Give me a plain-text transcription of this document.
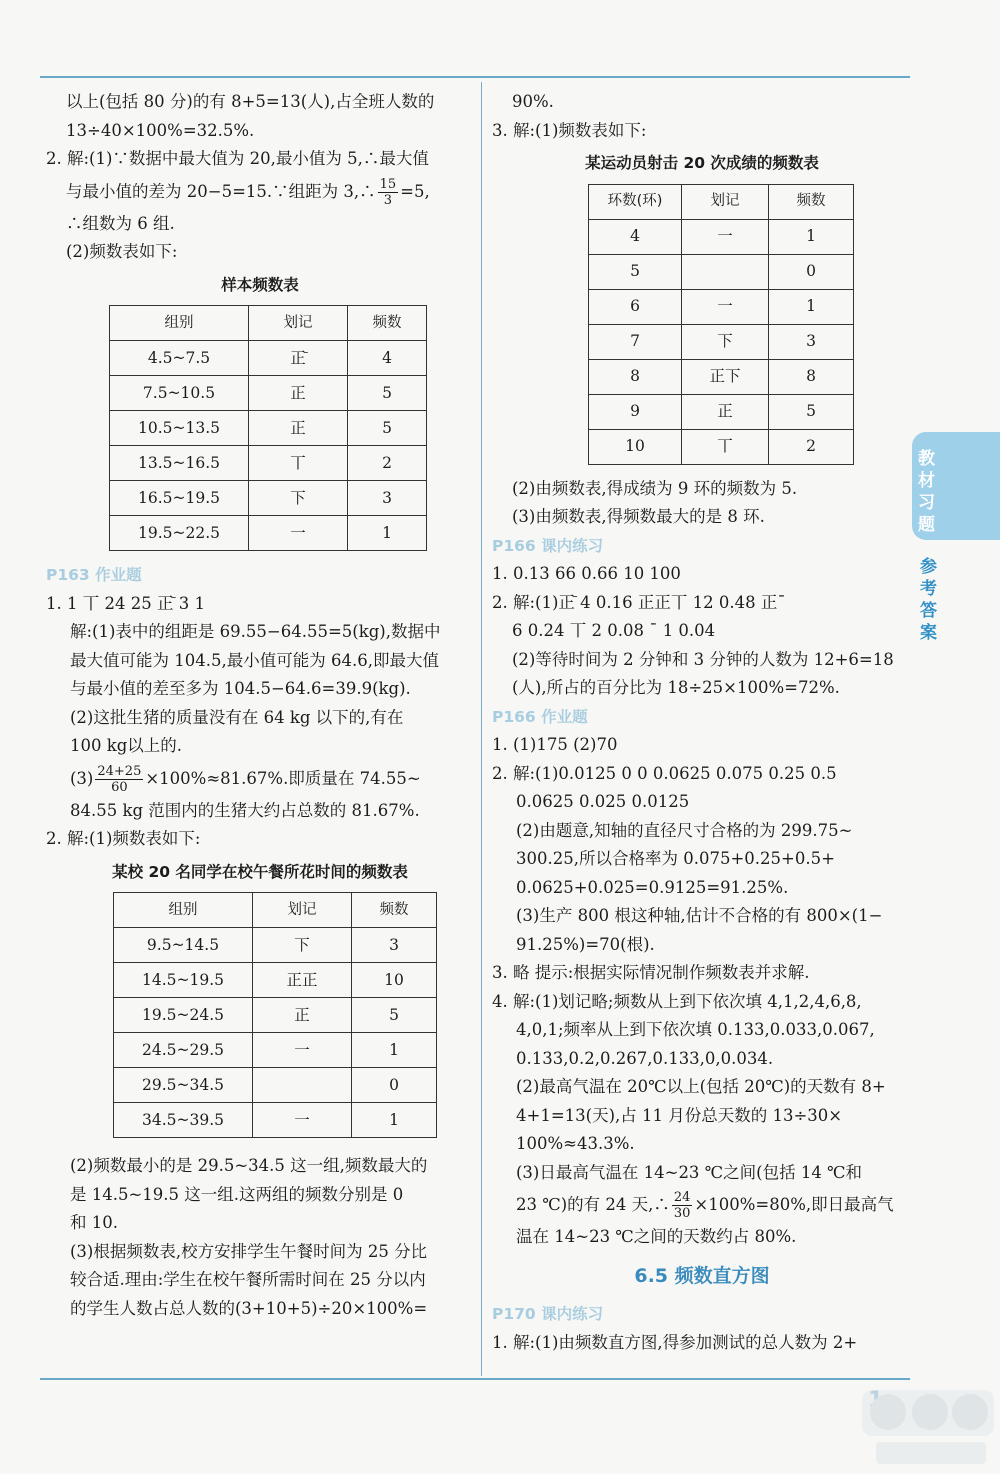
以上(包括 80 分)的有 8+5=13(人),占全班人数的

13÷40×100%=32.5%.

2. 解:(1)∵数据中最大值为 20,最小值为 5,∴最大值

与最小值的差为 20−5=15.∵组距为 3,∴ $\frac{15}{3} =5$,

∴组数为 6 组.

(2)频数表如下:

样本频数表

组别	划记	频数
4.5~7.5	正̄	4
7.5~10.5	正	5
10.5~13.5	正	5
13.5~16.5	丅	2
16.5~19.5	下	3
19.5~22.5	一	1

P163 作业题

1. 1 丅 24 25 正̄ 3 1

解:(1)表中的组距是 69.55−64.55=5(kg),数据中

最大值可能为 104.5,最小值可能为 64.6,即最大值

与最小值的差至多为 104.5−64.6=39.9(kg).

(2)这批生猪的质量没有在 64 kg 以下的,有在

100 kg以上的.

$(3) \frac{24+25}{60} \times 100\%\approx 81.67\%$.即质量在 74.55~

84.55 kg 范围内的生猪大约占总数的 81.67%.

2. 解:(1)频数表如下:

某校 20 名同学在校午餐所花时间的频数表

组别	划记	频数
9.5~14.5	下	3
14.5~19.5	正正	10
19.5~24.5	正	5
24.5~29.5	一	1
29.5~34.5		0
34.5~39.5	一	1

(2)频数最小的是 29.5~34.5 这一组,频数最大的

是 14.5~19.5 这一组.这两组的频数分别是 0

和 10.

(3)根据频数表,校方安排学生午餐时间为 25 分比

较合适.理由:学生在校午餐所需时间在 25 分以内

的学生人数占总人数的(3+10+5)÷20×100%=

90%.

3. 解:(1)频数表如下:

某运动员射击 20 次成绩的频数表

环数(环)	划记	频数
4	一	1
5		0
6	一	1
7	下	3
8	正下	8
9	正	5
10	丅	2

(2)由频数表,得成绩为 9 环的频数为 5.

(3)由频数表,得频数最大的是 8 环.

P166 课内练习

1. 0.13 66 0.66 10 100

2. 解:(1)正̄ 4 0.16 正正丅 12 0.48 正¯

6 0.24 丅 2 0.08 ¯ 1 0.04

(2)等待时间为 2 分钟和 3 分钟的人数为 12+6=18

(人),所占的百分比为 18÷25×100%=72%.

P166 作业题

1. (1)175 (2)70

2. 解:(1)0.0125 0 0 0.0625 0.075 0.25 0.5

0.0625 0.025 0.0125

(2)由题意,知轴的直径尺寸合格的为 299.75~

300.25,所以合格率为 0.075+0.25+0.5+

0.0625+0.025=0.9125=91.25%.

(3)生产 800 根这种轴,估计不合格的有 800×(1−

91.25%)=70(根).

3. 略 提示:根据实际情况制作频数表并求解.

4. 解:(1)划记略;频数从上到下依次填 4,1,2,4,6,8,

4,0,1;频率从上到下依次填 0.133,0.033,0.067,

0.133,0.2,0.267,0.133,0,0.034.

(2)最高气温在 20℃以上(包括 20℃)的天数有 8+

4+1=13(天),占 11 月份总天数的 13÷30×

100%≈43.3%.

(3)日最高气温在 14~23 ℃之间(包括 14 ℃和

23 ℃)的有 24 天,∴ $\frac{24}{30} \times 100\%=80\%$,即日最高气

温在 14~23 ℃之间的天数约占 80%.

6.5 频数直方图

P170 课内练习

1. 解:(1)由频数直方图,得参加测试的总人数为 2+

教材习题
参考答案
